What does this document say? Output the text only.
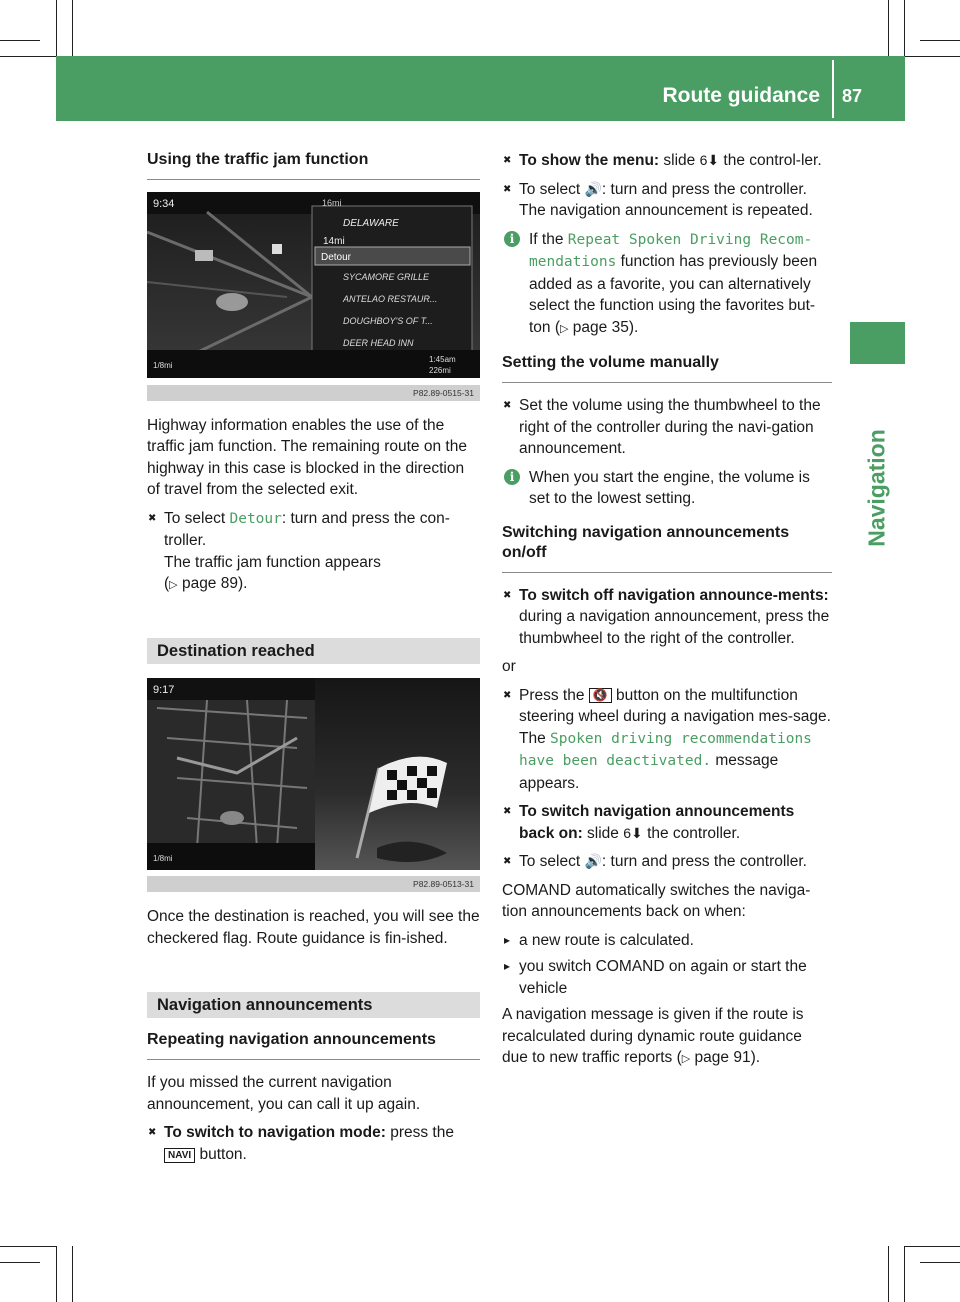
Route guidance 87
Navigation
Using the traffic jam function
9:34	16mi
DELAWARE
14mi
Detour
SYCAMORE GRILLE
ANTELAO RESTAUR...
DOUGHBOY'S OF T...
DEER HEAD INN
1/8mi
1:45am
226mi
P82.89-0515-31

Highway information enables the use of the traffic jam function. The remaining route on the highway in this case is blocked in the direction of travel from the selected exit.

✖ To select Detour: turn and press the con-troller.
The traffic jam function appears
(▷ page 89).
Destination reached
9:17
1/8mi
P82.89-0513-31

Once the destination is reached, you will see the checkered flag. Route guidance is fin-ished.

Navigation announcements
Repeating navigation announcements

If you missed the current navigation announcement, you can call it up again.

✖ To switch to navigation mode: press the
NAVI button.
✖ To show the menu: slide 6⬇ the control-ler.
✖ To select 🔊: turn and press the controller.
The navigation announcement is repeated.
i If the Repeat Spoken Driving Recom‐mendations function has previously been added as a favorite, you can alternatively select the function using the favorites but-ton (▷ page 35).
Setting the volume manually
✖ Set the volume using the thumbwheel to the right of the controller during the navi-gation announcement.
i When you start the engine, the volume is set to the lowest setting.
Switching navigation announcements on/off
✖ To switch off navigation announce-ments: during a navigation announcement, press the thumbwheel to the right of the controller.

or

✖ Press the 🔇 button on the multifunction steering wheel during a navigation mes-sage.
The Spoken driving recommendations have been deactivated. message appears.
✖ To switch navigation announcements back on: slide 6⬇ the controller.
✖ To select 🔊: turn and press the controller.

COMAND automatically switches the naviga-tion announcements back on when:

▸ a new route is calculated.
▸ you switch COMAND on again or start the vehicle

A navigation message is given if the route is recalculated during dynamic route guidance due to new traffic reports (▷ page 91).
